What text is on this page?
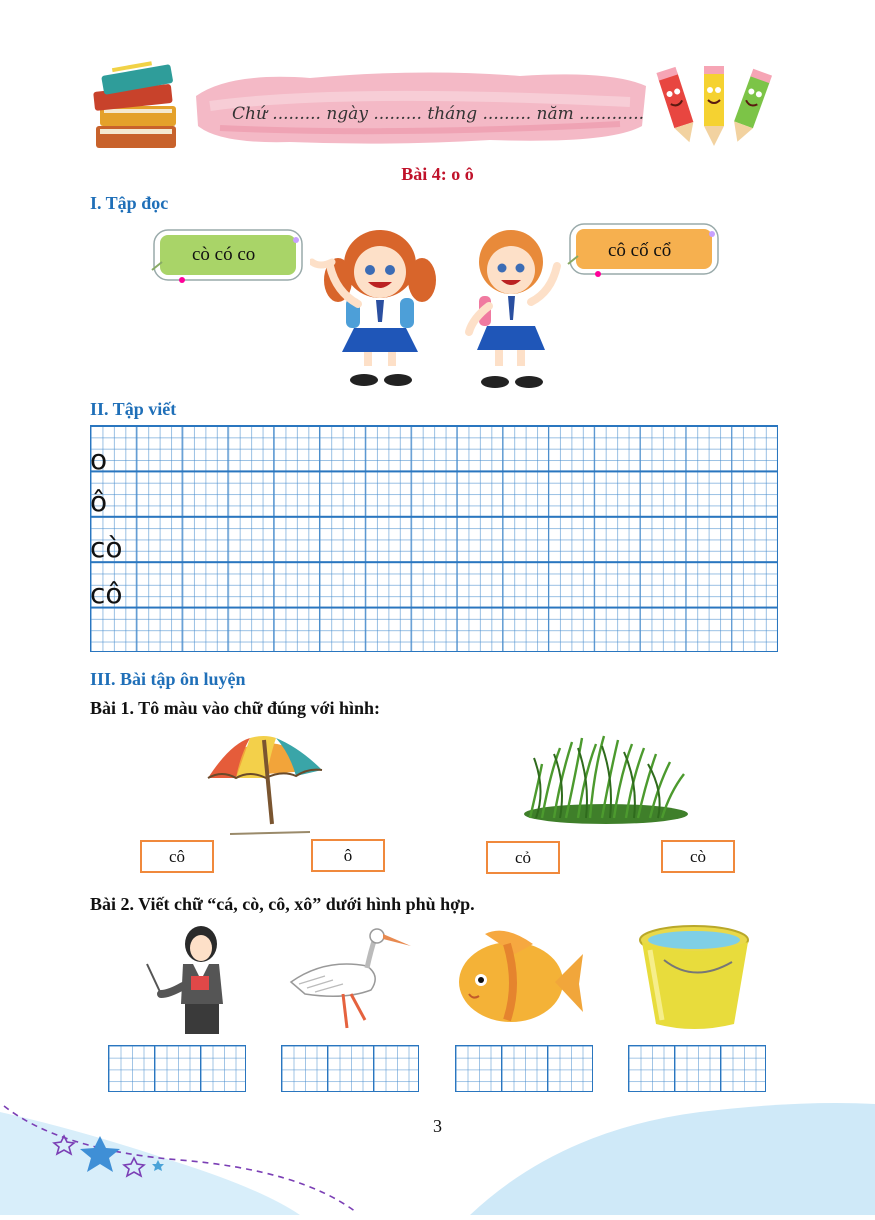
Chứ ......... ngày ......... tháng ......... năm ............
Bài 4: o ô
I. Tập đọc
cò có co	cô cố cổ
II. Tập viết
o
ô
cò
cô
III. Bài tập ôn luyện
Bài 1. Tô màu vào chữ đúng với hình:
cô	ô	cỏ	cò
Bài 2. Viết chữ “cá, cò, cô, xô” dưới hình phù hợp.
3
